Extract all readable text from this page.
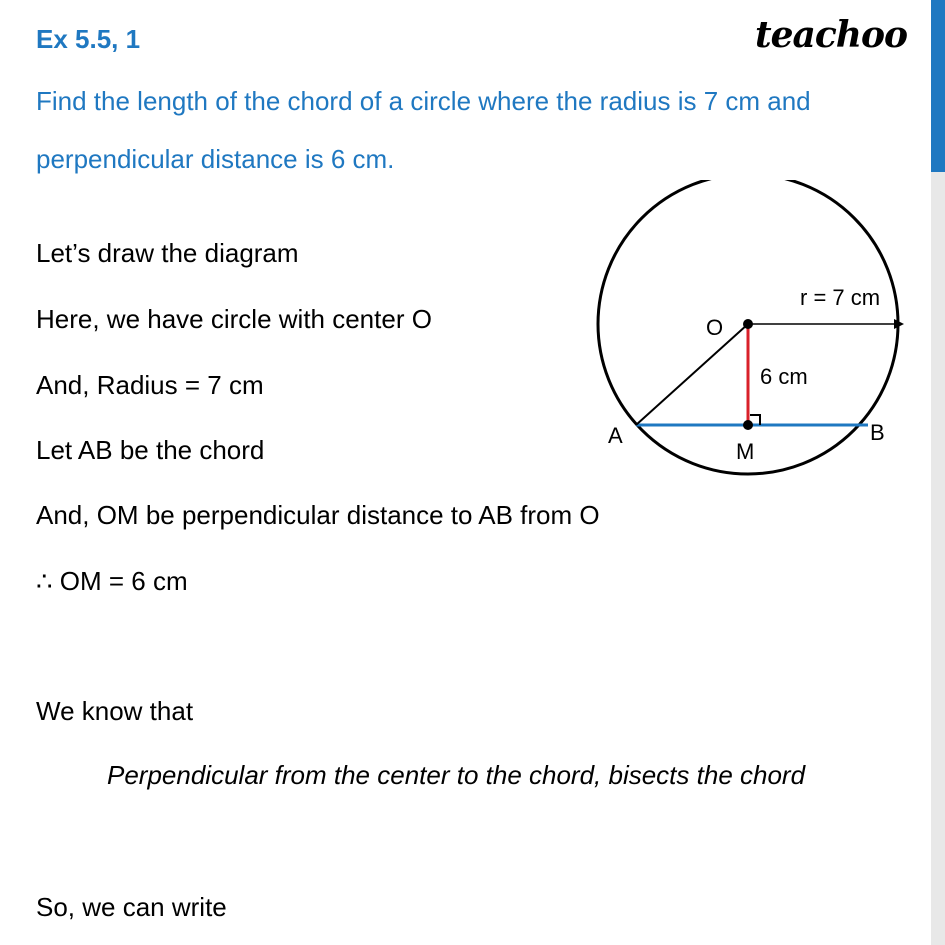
Ex 5.5, 1	teachoo
Find the length of the chord of a circle where the radius is 7 cm and
perpendicular distance is 6 cm.
Let’s draw the diagram
Here, we have circle with center O
And, Radius = 7 cm
Let AB be the chord
And, OM be perpendicular distance to AB from O
∴ OM = 6 cm
We know that
Perpendicular from the center to the chord, bisects the chord
So, we can write
O
A	B
M
r = 7 cm
6 cm
